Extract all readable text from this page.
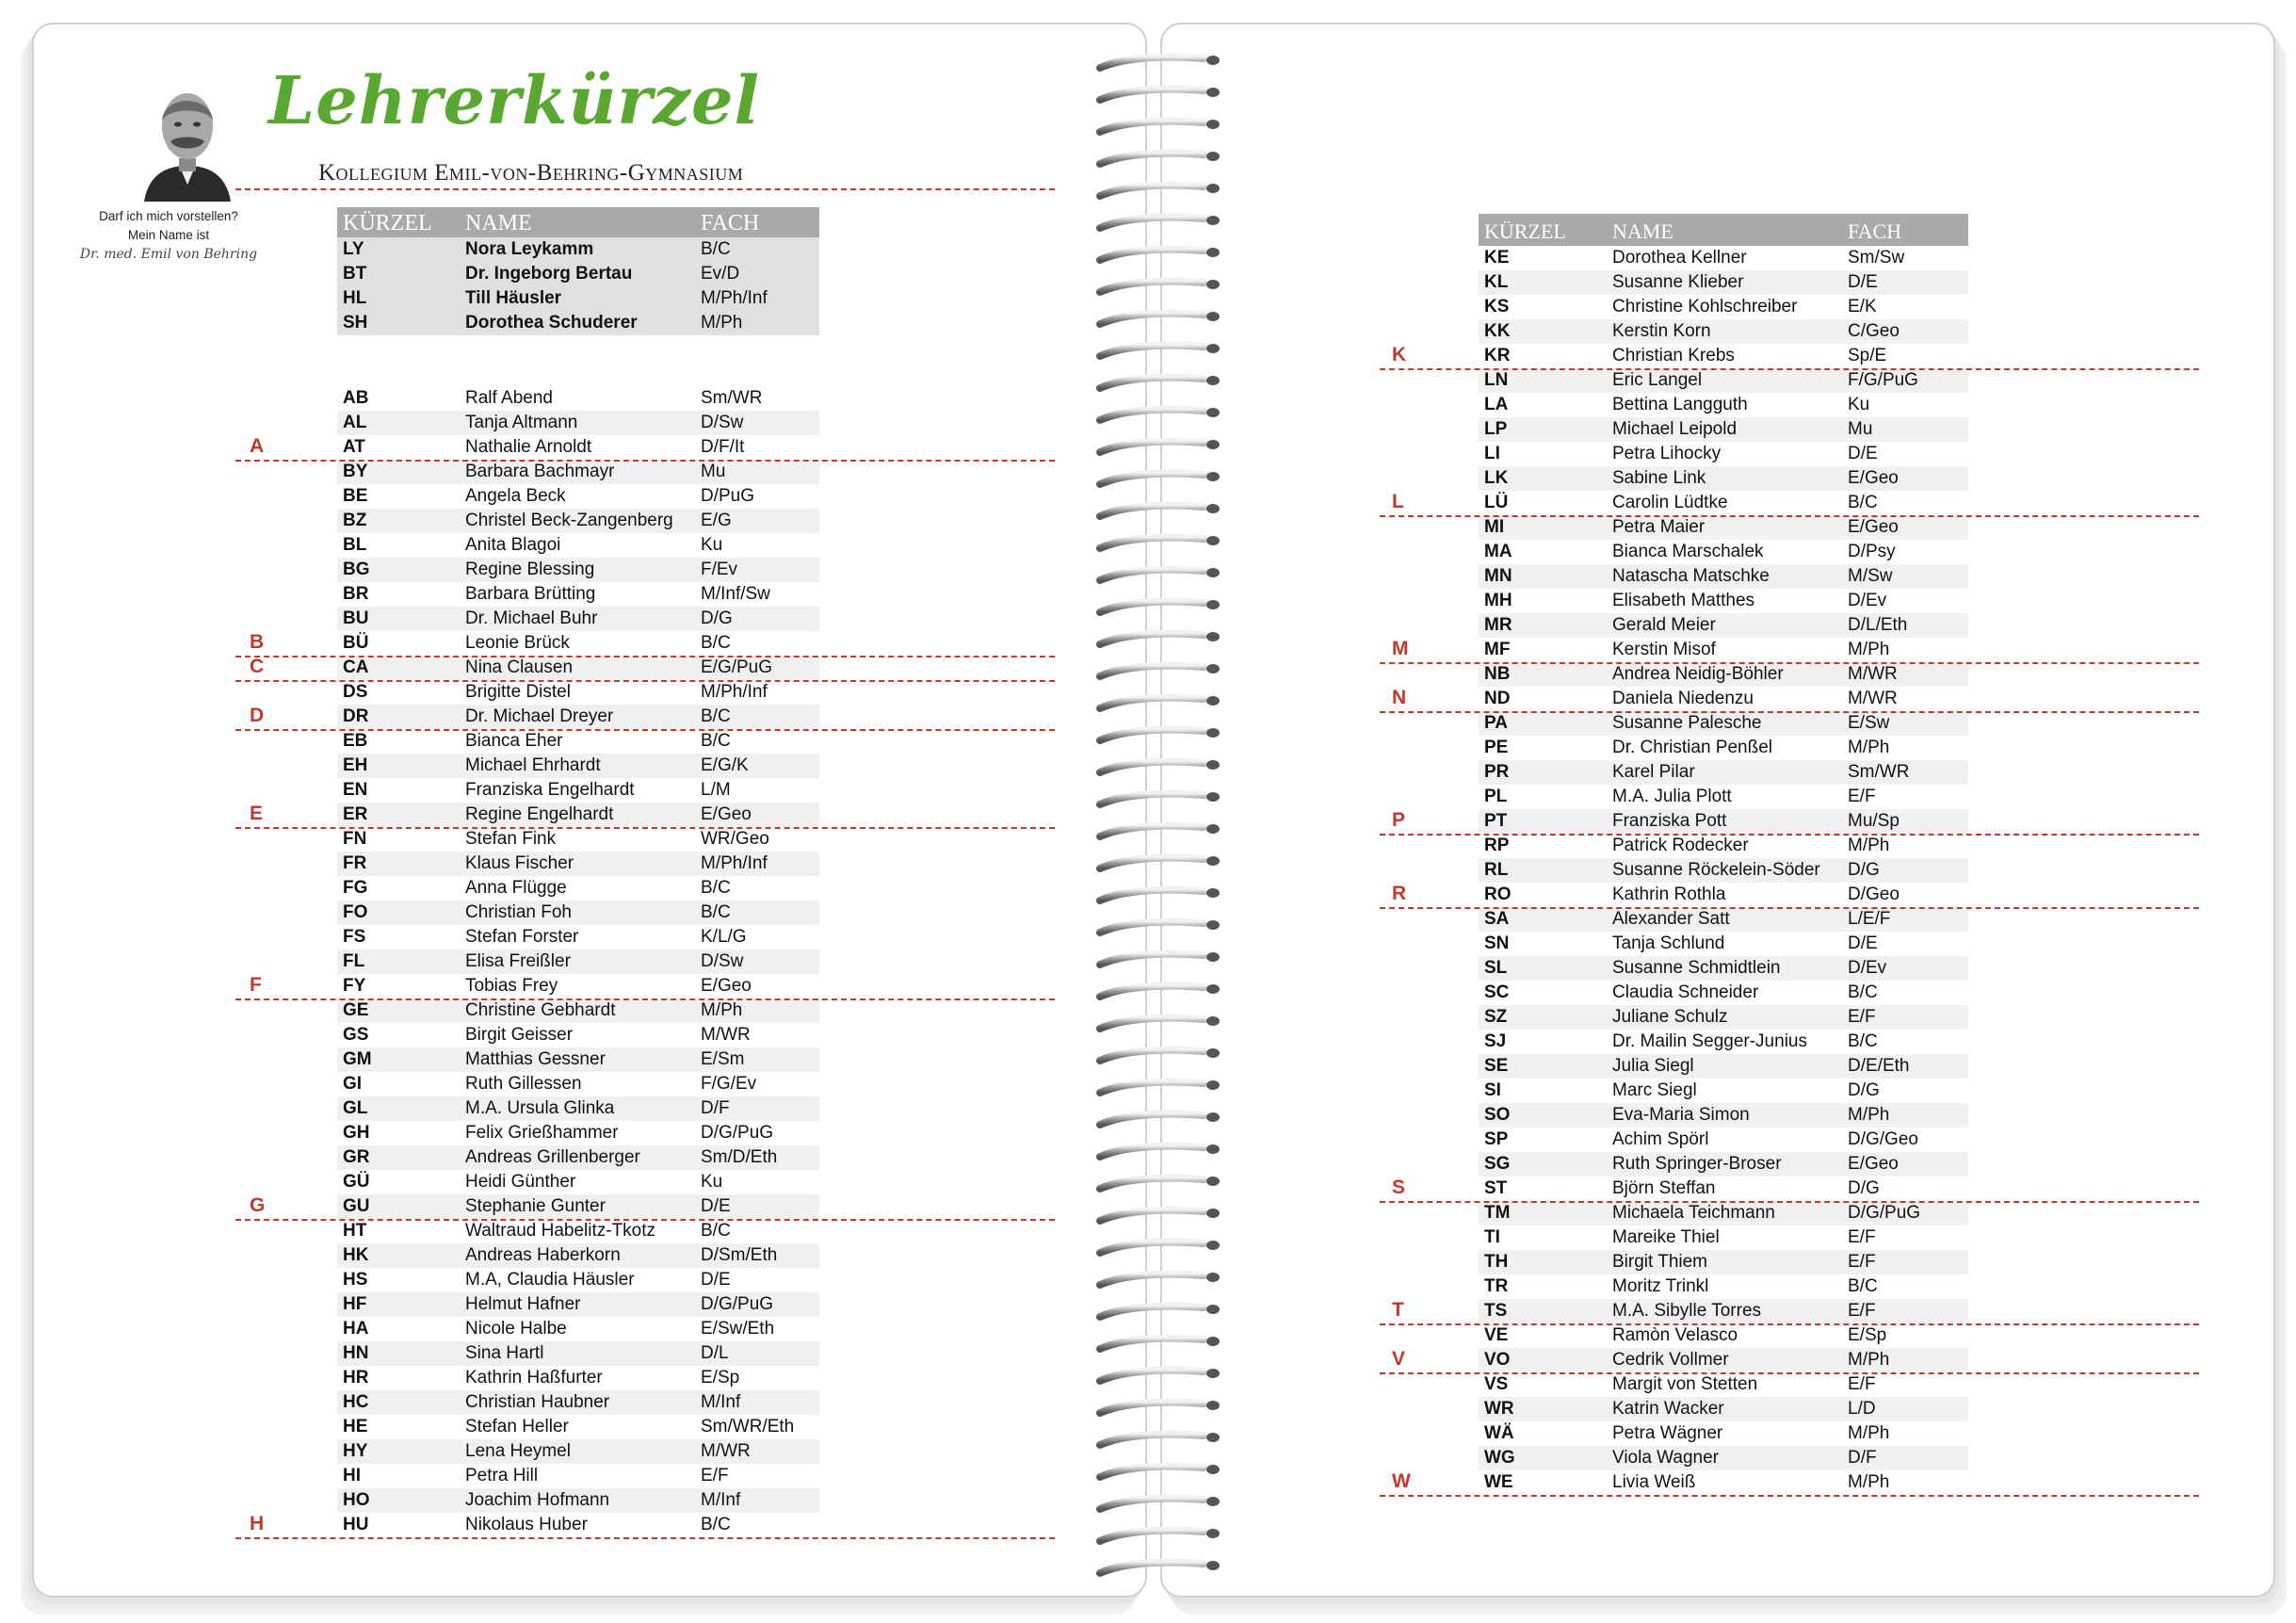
Darf ich mich vorstellen?
Mein Name ist
Dr. med. Emil von Behring
Lehrerkürzel
Kollegium Emil-von-Behring-Gymnasium
KÜRZEL	NAME	FACH
LY	Nora Leykamm	B/C
BT	Dr. Ingeborg Bertau	Ev/D
HL	Till Häusler	M/Ph/Inf
SH	Dorothea Schuderer	M/Ph
AB	Ralf Abend	Sm/WR
AL	Tanja Altmann	D/Sw
AT	Nathalie Arnoldt	D/F/It
BY	Barbara Bachmayr	Mu
BE	Angela Beck	D/PuG
BZ	Christel Beck-Zangenberg	E/G
BL	Anita Blagoi	Ku
BG	Regine Blessing	F/Ev
BR	Barbara Brütting	M/Inf/Sw
BU	Dr. Michael Buhr	D/G
BÜ	Leonie Brück	B/C
CA	Nina Clausen	E/G/PuG
DS	Brigitte Distel	M/Ph/Inf
DR	Dr. Michael Dreyer	B/C
EB	Bianca Eher	B/C
EH	Michael Ehrhardt	E/G/K
EN	Franziska Engelhardt	L/M
ER	Regine Engelhardt	E/Geo
FN	Stefan Fink	WR/Geo
FR	Klaus Fischer	M/Ph/Inf
FG	Anna Flügge	B/C
FO	Christian Foh	B/C
FS	Stefan Forster	K/L/G
FL	Elisa Freißler	D/Sw
FY	Tobias Frey	E/Geo
GE	Christine Gebhardt	M/Ph
GS	Birgit Geisser	M/WR
GM	Matthias Gessner	E/Sm
GI	Ruth Gillessen	F/G/Ev
GL	M.A. Ursula Glinka	D/F
GH	Felix Grießhammer	D/G/PuG
GR	Andreas Grillenberger	Sm/D/Eth
GÜ	Heidi Günther	Ku
GU	Stephanie Gunter	D/E
HT	Waltraud Habelitz-Tkotz	B/C
HK	Andreas Haberkorn	D/Sm/Eth
HS	M.A, Claudia Häusler	D/E
HF	Helmut Hafner	D/G/PuG
HA	Nicole Halbe	E/Sw/Eth
HN	Sina Hartl	D/L
HR	Kathrin Haßfurter	E/Sp
HC	Christian Haubner	M/Inf
HE	Stefan Heller	Sm/WR/Eth
HY	Lena Heymel	M/WR
HI	Petra Hill	E/F
HO	Joachim Hofmann	M/Inf
HU	Nikolaus Huber	B/C
KÜRZEL	NAME	FACH
KE	Dorothea Kellner	Sm/Sw
KL	Susanne Klieber	D/E
KS	Christine Kohlschreiber	E/K
KK	Kerstin Korn	C/Geo
KR	Christian Krebs	Sp/E
LN	Eric Langel	F/G/PuG
LA	Bettina Langguth	Ku
LP	Michael Leipold	Mu
LI	Petra Lihocky	D/E
LK	Sabine Link	E/Geo
LÜ	Carolin Lüdtke	B/C
MI	Petra Maier	E/Geo
MA	Bianca Marschalek	D/Psy
MN	Natascha Matschke	M/Sw
MH	Elisabeth Matthes	D/Ev
MR	Gerald Meier	D/L/Eth
MF	Kerstin Misof	M/Ph
NB	Andrea Neidig-Böhler	M/WR
ND	Daniela Niedenzu	M/WR
PA	Susanne Palesche	E/Sw
PE	Dr. Christian Penßel	M/Ph
PR	Karel Pilar	Sm/WR
PL	M.A. Julia Plott	E/F
PT	Franziska Pott	Mu/Sp
RP	Patrick Rodecker	M/Ph
RL	Susanne Röckelein-Söder	D/G
RO	Kathrin Rothla	D/Geo
SA	Alexander Satt	L/E/F
SN	Tanja Schlund	D/E
SL	Susanne Schmidtlein	D/Ev
SC	Claudia Schneider	B/C
SZ	Juliane Schulz	E/F
SJ	Dr. Mailin Segger-Junius	B/C
SE	Julia Siegl	D/E/Eth
SI	Marc Siegl	D/G
SO	Eva-Maria Simon	M/Ph
SP	Achim Spörl	D/G/Geo
SG	Ruth Springer-Broser	E/Geo
ST	Björn Steffan	D/G
TM	Michaela Teichmann	D/G/PuG
TI	Mareike Thiel	E/F
TH	Birgit Thiem	E/F
TR	Moritz Trinkl	B/C
TS	M.A. Sibylle Torres	E/F
VE	Ramòn Velasco	E/Sp
VO	Cedrik Vollmer	M/Ph
VS	Margit von Stetten	E/F
WR	Katrin Wacker	L/D
WÄ	Petra Wägner	M/Ph
WG	Viola Wagner	D/F
WE	Livia Weiß	M/Ph
A
B
C
D
E
F
G
H
K
L
M
N
P
R
S
T
V
W
